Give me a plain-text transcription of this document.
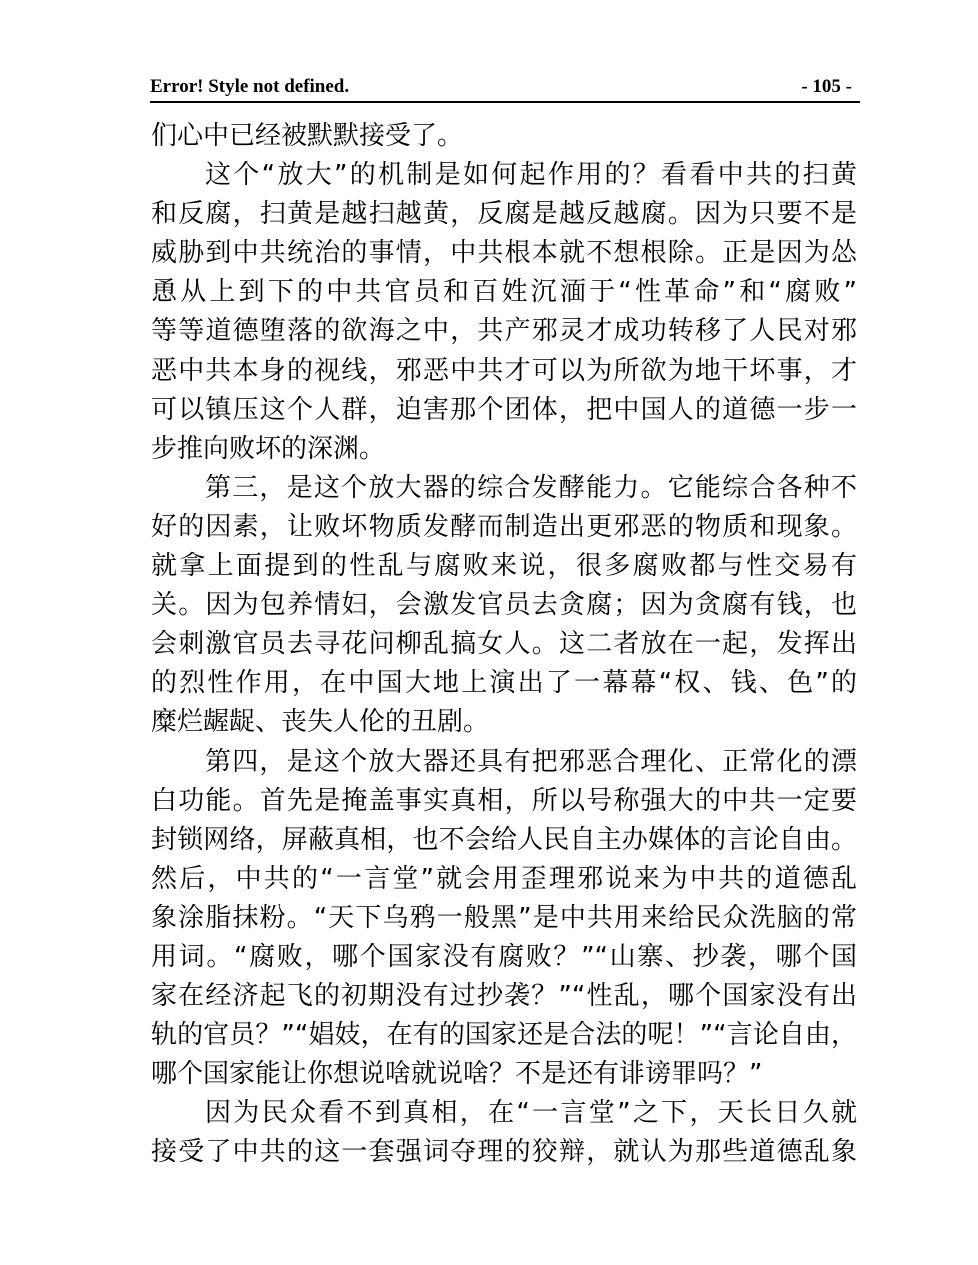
Error! Style not defined.	- 105 -
们心中已经被默默接受了。
这个“放大”的机制是如何起作用的？看看中共的扫黄
和反腐，扫黄是越扫越黄，反腐是越反越腐。因为只要不是
威胁到中共统治的事情，中共根本就不想根除。正是因为怂
恿从上到下的中共官员和百姓沉湎于“性革命”和“腐败”
等等道德堕落的欲海之中，共产邪灵才成功转移了人民对邪
恶中共本身的视线，邪恶中共才可以为所欲为地干坏事，才
可以镇压这个人群，迫害那个团体，把中国人的道德一步一
步推向败坏的深渊。
第三，是这个放大器的综合发酵能力。它能综合各种不
好的因素，让败坏物质发酵而制造出更邪恶的物质和现象。
就拿上面提到的性乱与腐败来说，很多腐败都与性交易有
关。因为包养情妇，会激发官员去贪腐；因为贪腐有钱，也
会刺激官员去寻花问柳乱搞女人。这二者放在一起，发挥出
的烈性作用，在中国大地上演出了一幕幕“权、钱、色”的
糜烂龌龊、丧失人伦的丑剧。
第四，是这个放大器还具有把邪恶合理化、正常化的漂
白功能。首先是掩盖事实真相，所以号称强大的中共一定要
封锁网络，屏蔽真相，也不会给人民自主办媒体的言论自由。
然后，中共的“一言堂”就会用歪理邪说来为中共的道德乱
象涂脂抹粉。“天下乌鸦一般黑”是中共用来给民众洗脑的常
用词。“腐败，哪个国家没有腐败？”“山寨、抄袭，哪个国
家在经济起飞的初期没有过抄袭？”“性乱，哪个国家没有出
轨的官员？”“娼妓，在有的国家还是合法的呢！”“言论自由，
哪个国家能让你想说啥就说啥？不是还有诽谤罪吗？”
因为民众看不到真相，在“一言堂”之下，天长日久就
接受了中共的这一套强词夺理的狡辩，就认为那些道德乱象
